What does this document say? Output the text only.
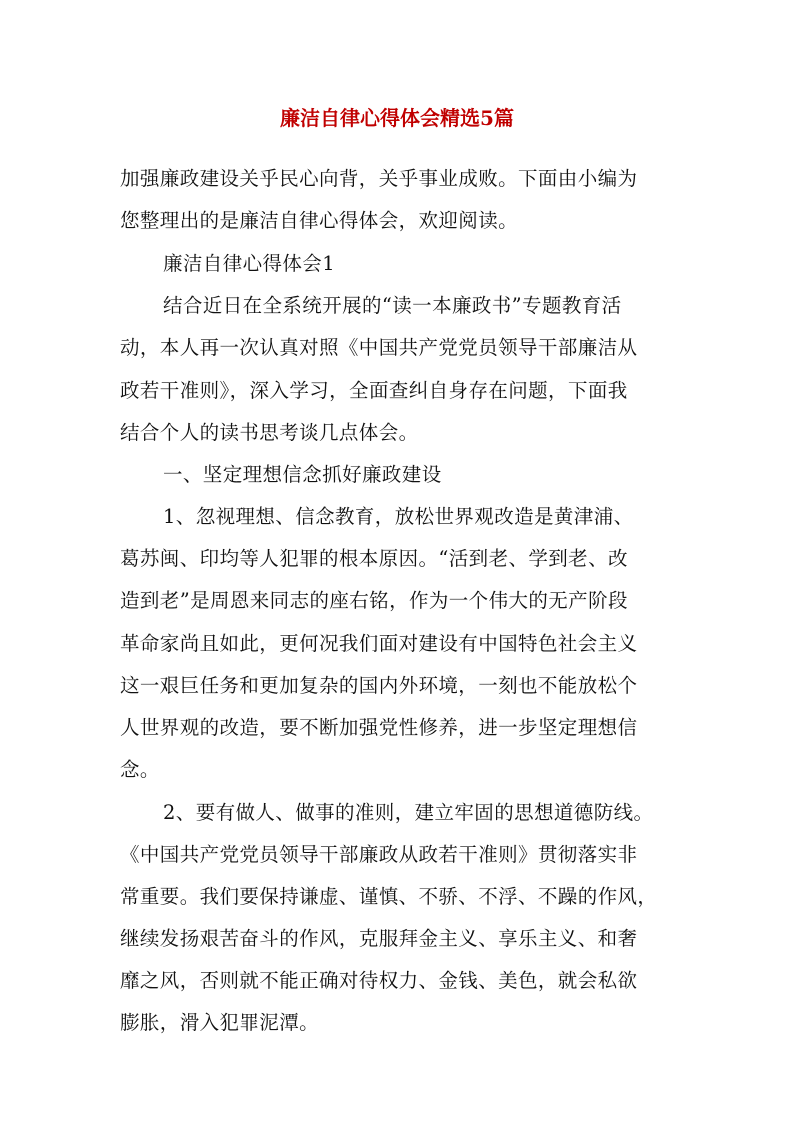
廉洁自律心得体会精选5篇
加强廉政建设关乎民心向背，关乎事业成败。下面由小编为
您整理出的是廉洁自律心得体会，欢迎阅读。
廉洁自律心得体会1
结合近日在全系统开展的“读一本廉政书”专题教育活
动，本人再一次认真对照《中国共产党党员领导干部廉洁从
政若干准则》，深入学习，全面查纠自身存在问题，下面我
结合个人的读书思考谈几点体会。
一、坚定理想信念抓好廉政建设
1、忽视理想、信念教育，放松世界观改造是黄津浦、
葛苏闽、印均等人犯罪的根本原因。“活到老、学到老、改
造到老”是周恩来同志的座右铭，作为一个伟大的无产阶段
革命家尚且如此，更何况我们面对建设有中国特色社会主义
这一艰巨任务和更加复杂的国内外环境，一刻也不能放松个
人世界观的改造，要不断加强党性修养，进一步坚定理想信
念。
2、要有做人、做事的准则，建立牢固的思想道德防线。
《中国共产党党员领导干部廉政从政若干准则》贯彻落实非
常重要。我们要保持谦虚、谨慎、不骄、不浮、不躁的作风，
继续发扬艰苦奋斗的作风，克服拜金主义、享乐主义、和奢
靡之风，否则就不能正确对待权力、金钱、美色，就会私欲
膨胀，滑入犯罪泥潭。
